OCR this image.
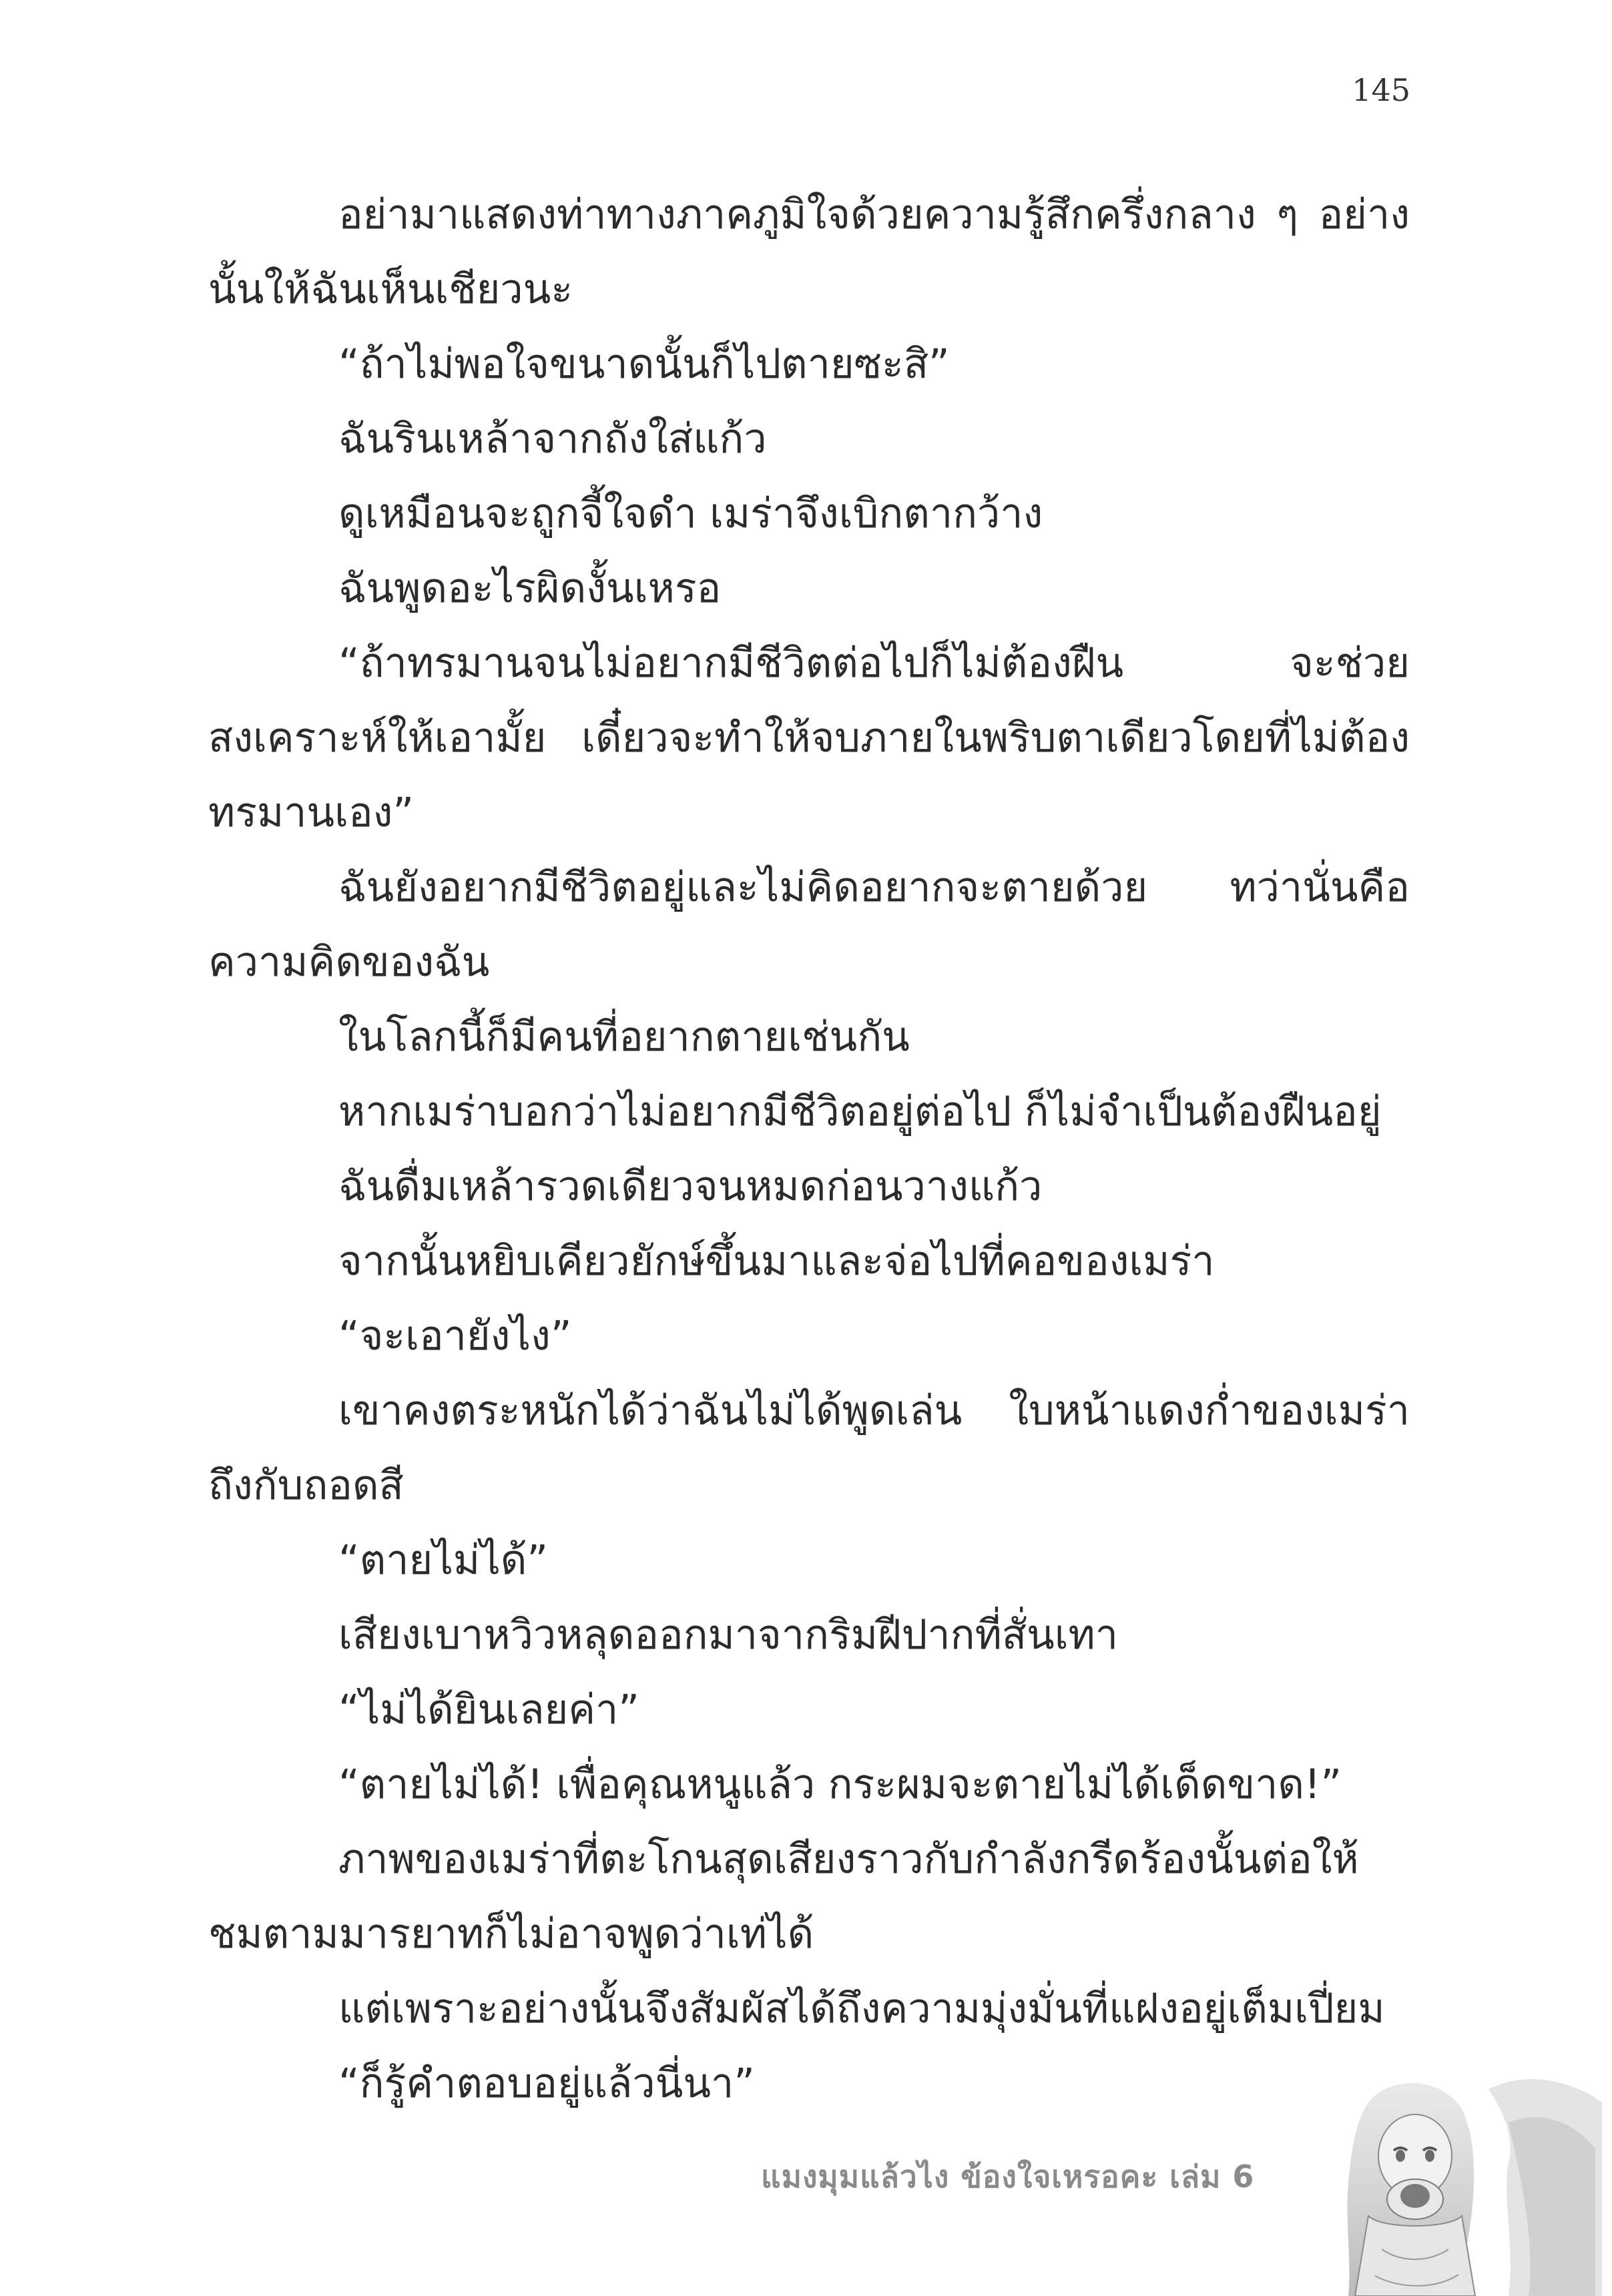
145

อย่ามาแสดงท่าทางภาคภูมิใจด้วยความรู้สึกครึ่งกลาง ๆ อย่างนั้นให้ฉันเห็นเชียวนะ

“ถ้าไม่พอใจขนาดนั้นก็ไปตายซะสิ”

ฉันรินเหล้าจากถังใส่แก้ว

ดูเหมือนจะถูกจี้ใจดำ เมร่าจึงเบิกตากว้าง

ฉันพูดอะไรผิดงั้นเหรอ

“ถ้าทรมานจนไม่อยากมีชีวิตต่อไปก็ไม่ต้องฝืน จะช่วยสงเคราะห์ให้เอามั้ย เดี๋ยวจะทำให้จบภายในพริบตาเดียวโดยที่ไม่ต้องทรมานเอง”

ฉันยังอยากมีชีวิตอยู่และไม่คิดอยากจะตายด้วย ทว่านั่นคือความคิดของฉัน

ในโลกนี้ก็มีคนที่อยากตายเช่นกัน

หากเมร่าบอกว่าไม่อยากมีชีวิตอยู่ต่อไป ก็ไม่จำเป็นต้องฝืนอยู่

ฉันดื่มเหล้ารวดเดียวจนหมดก่อนวางแก้ว

จากนั้นหยิบเคียวยักษ์ขึ้นมาและจ่อไปที่คอของเมร่า

“จะเอายังไง”

เขาคงตระหนักได้ว่าฉันไม่ได้พูดเล่น ใบหน้าแดงก่ำของเมร่าถึงกับถอดสี

“ตายไม่ได้”

เสียงเบาหวิวหลุดออกมาจากริมฝีปากที่สั่นเทา

“ไม่ได้ยินเลยค่า”

“ตายไม่ได้! เพื่อคุณหนูแล้ว กระผมจะตายไม่ได้เด็ดขาด!”

ภาพของเมร่าที่ตะโกนสุดเสียงราวกับกำลังกรีดร้องนั้นต่อให้ชมตามมารยาทก็ไม่อาจพูดว่าเท่ได้

แต่เพราะอย่างนั้นจึงสัมผัสได้ถึงความมุ่งมั่นที่แฝงอยู่เต็มเปี่ยม

“ก็รู้คำตอบอยู่แล้วนี่นา”

แมงมุมแล้วไง ข้องใจเหรอคะ เล่ม 6
